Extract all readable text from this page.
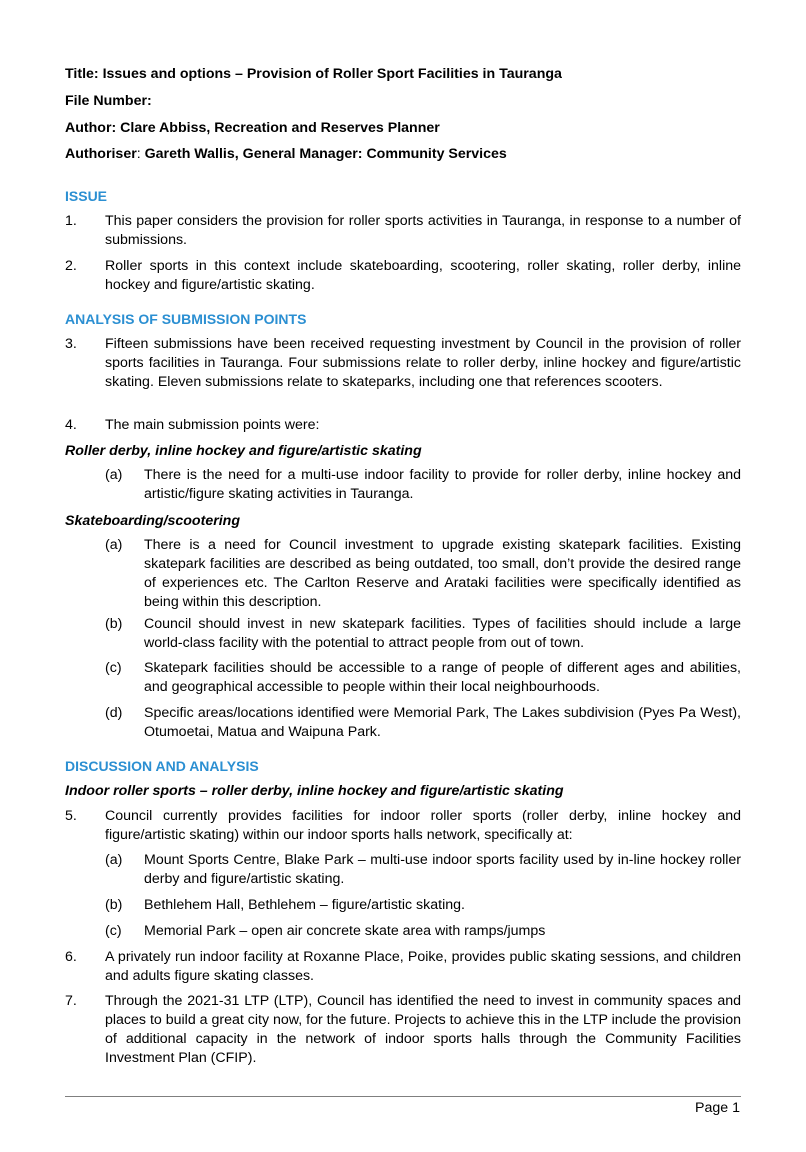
Title: Issues and options – Provision of Roller Sport Facilities in Tauranga
File Number:
Author: Clare Abbiss, Recreation and Reserves Planner
Authoriser: Gareth Wallis, General Manager: Community Services
ISSUE
1. This paper considers the provision for roller sports activities in Tauranga, in response to a number of submissions.
2. Roller sports in this context include skateboarding, scootering, roller skating, roller derby, inline hockey and figure/artistic skating.
ANALYSIS OF SUBMISSION POINTS
3. Fifteen submissions have been received requesting investment by Council in the provision of roller sports facilities in Tauranga. Four submissions relate to roller derby, inline hockey and figure/artistic skating. Eleven submissions relate to skateparks, including one that references scooters.
4. The main submission points were:
Roller derby, inline hockey and figure/artistic skating
(a) There is the need for a multi-use indoor facility to provide for roller derby, inline hockey and artistic/figure skating activities in Tauranga.
Skateboarding/scootering
(a) There is a need for Council investment to upgrade existing skatepark facilities. Existing skatepark facilities are described as being outdated, too small, don’t provide the desired range of experiences etc. The Carlton Reserve and Arataki facilities were specifically identified as being within this description.
(b) Council should invest in new skatepark facilities. Types of facilities should include a large world-class facility with the potential to attract people from out of town.
(c) Skatepark facilities should be accessible to a range of people of different ages and abilities, and geographical accessible to people within their local neighbourhoods.
(d) Specific areas/locations identified were Memorial Park, The Lakes subdivision (Pyes Pa West), Otumoetai, Matua and Waipuna Park.
DISCUSSION AND ANALYSIS
Indoor roller sports – roller derby, inline hockey and figure/artistic skating
5. Council currently provides facilities for indoor roller sports (roller derby, inline hockey and figure/artistic skating) within our indoor sports halls network, specifically at:
(a) Mount Sports Centre, Blake Park – multi-use indoor sports facility used by in-line hockey roller derby and figure/artistic skating.
(b) Bethlehem Hall, Bethlehem – figure/artistic skating.
(c) Memorial Park – open air concrete skate area with ramps/jumps
6. A privately run indoor facility at Roxanne Place, Poike, provides public skating sessions, and children and adults figure skating classes.
7. Through the 2021-31 LTP (LTP), Council has identified the need to invest in community spaces and places to build a great city now, for the future. Projects to achieve this in the LTP include the provision of additional capacity in the network of indoor sports halls through the Community Facilities Investment Plan (CFIP).
Page 1
